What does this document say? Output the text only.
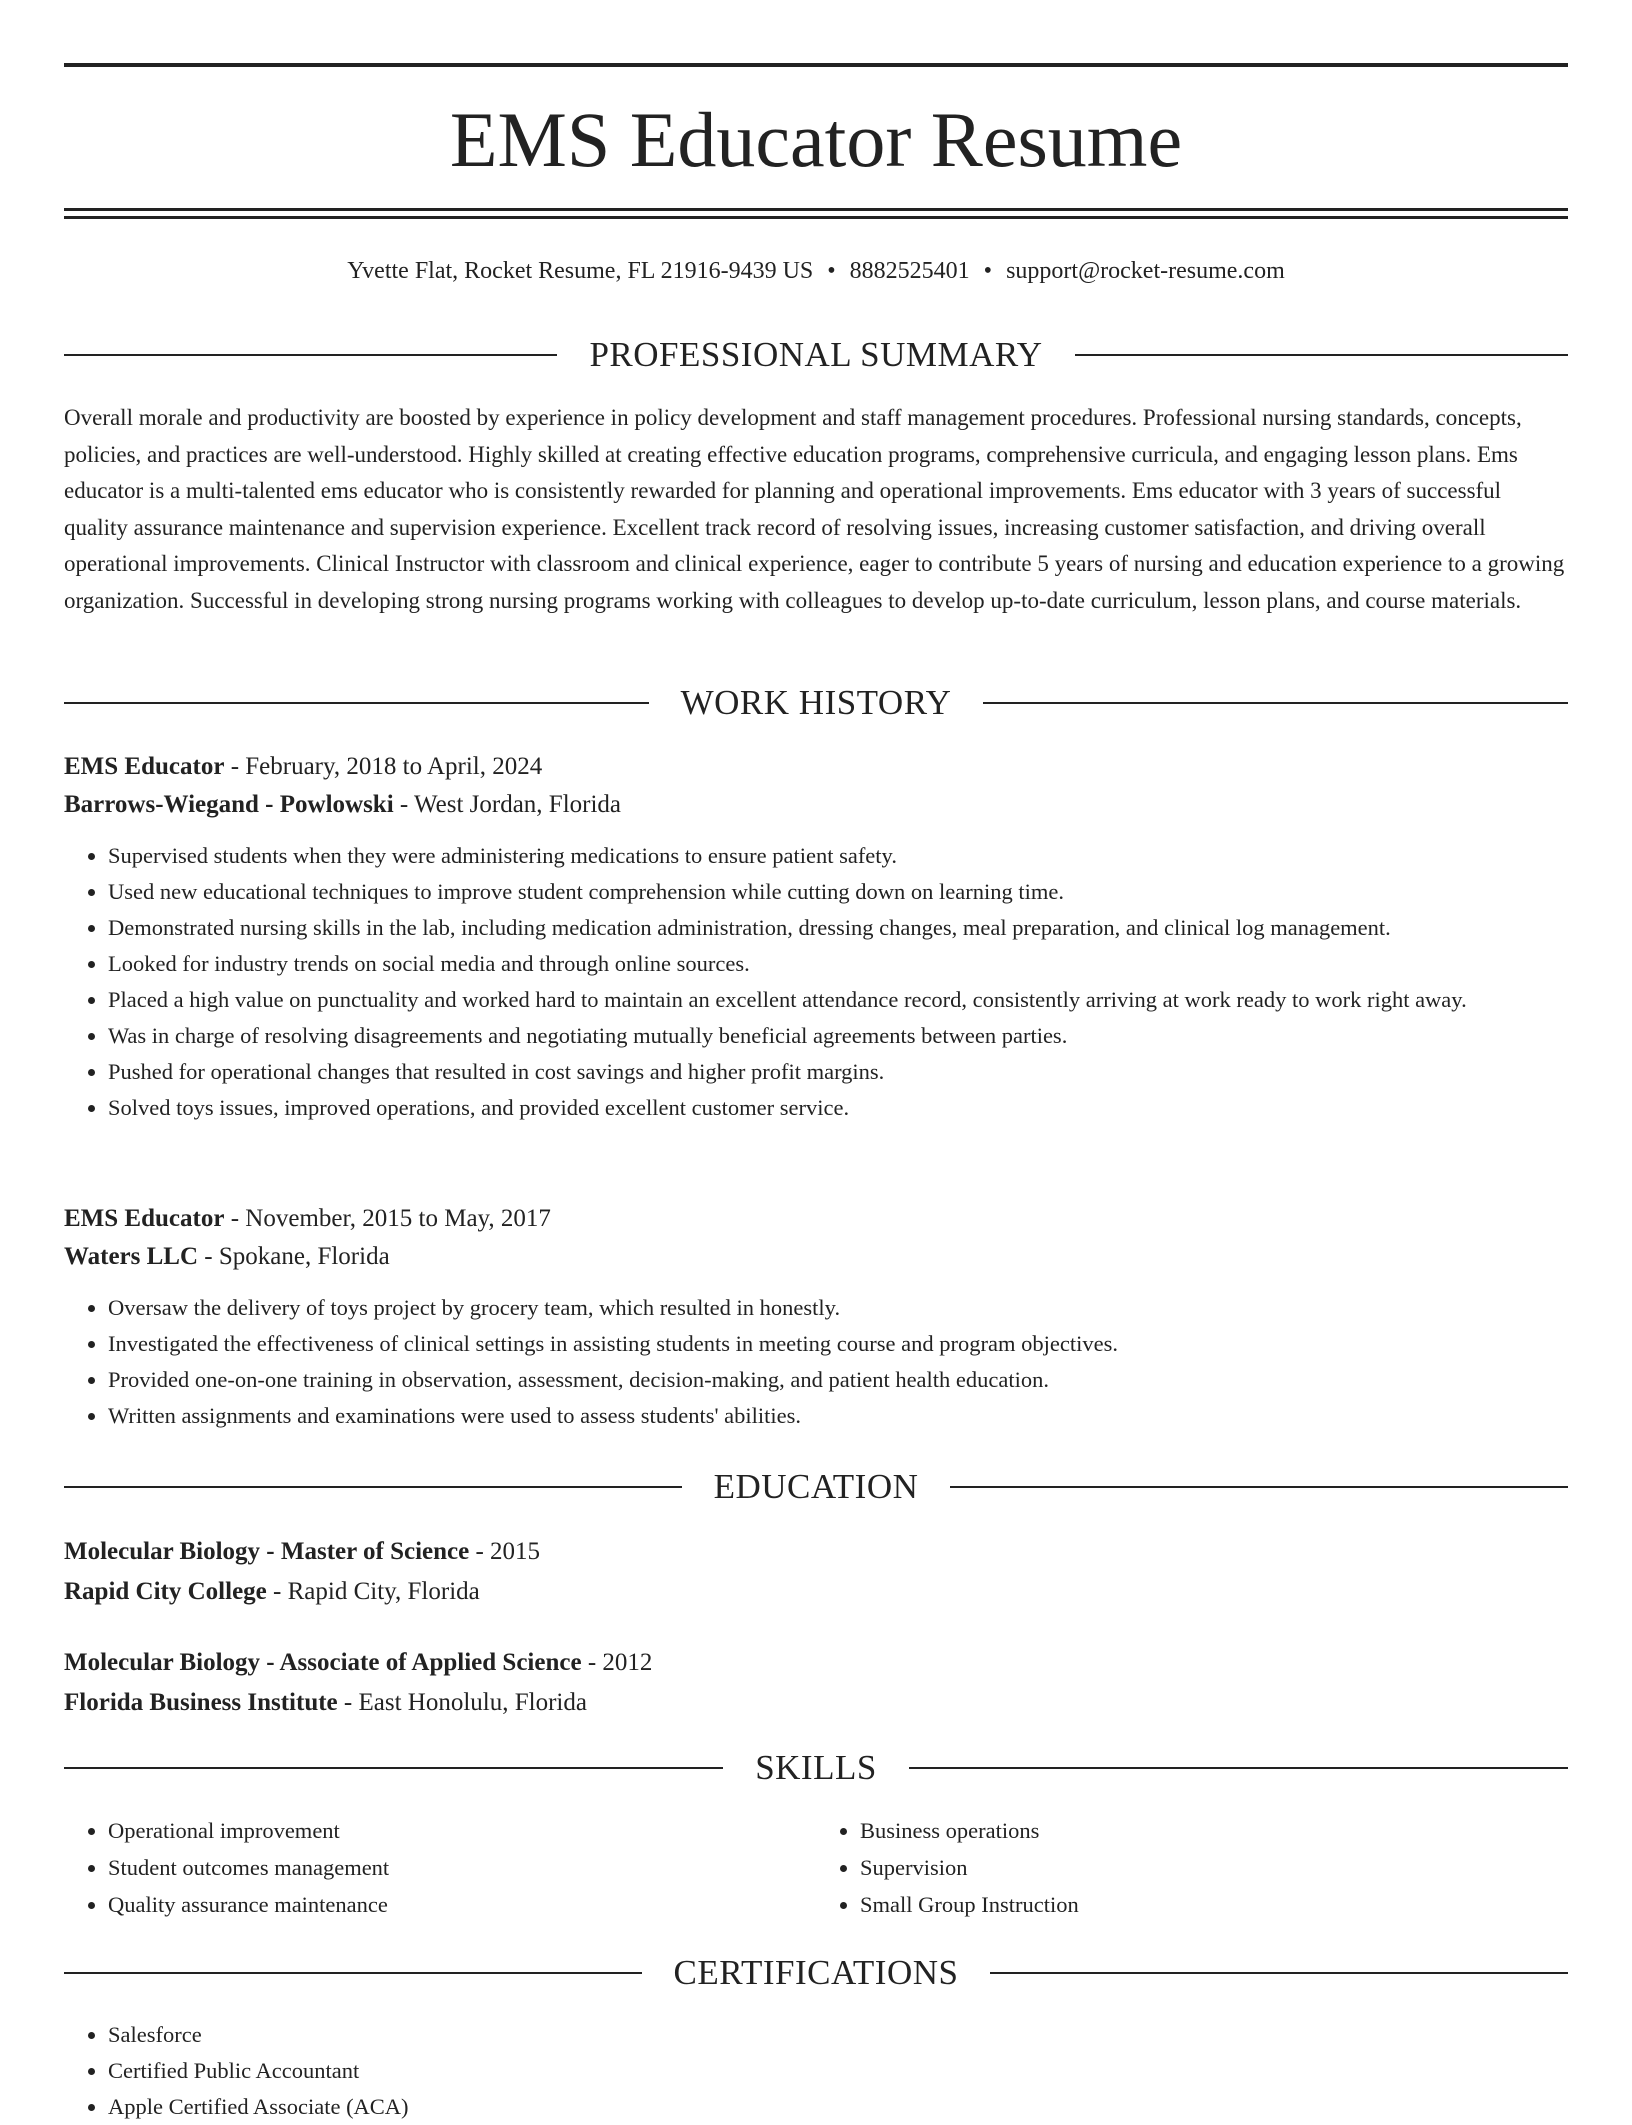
EMS Educator Resume
Yvette Flat, Rocket Resume, FL 21916-9439 US • 8882525401 • support@rocket-resume.com
PROFESSIONAL SUMMARY

Overall morale and productivity are boosted by experience in policy development and staff management procedures. Professional nursing standards, concepts, policies, and practices are well-understood. Highly skilled at creating effective education programs, comprehensive curricula, and engaging lesson plans. Ems educator is a multi-talented ems educator who is consistently rewarded for planning and operational improvements. Ems educator with 3 years of successful quality assurance maintenance and supervision experience. Excellent track record of resolving issues, increasing customer satisfaction, and driving overall operational improvements. Clinical Instructor with classroom and clinical experience, eager to contribute 5 years of nursing and education experience to a growing organization. Successful in developing strong nursing programs working with colleagues to develop up-to-date curriculum, lesson plans, and course materials.

WORK HISTORY
EMS Educator - February, 2018 to April, 2024
Barrows-Wiegand - Powlowski - West Jordan, Florida
• Supervised students when they were administering medications to ensure patient safety.
• Used new educational techniques to improve student comprehension while cutting down on learning time.
• Demonstrated nursing skills in the lab, including medication administration, dressing changes, meal preparation, and clinical log management.
• Looked for industry trends on social media and through online sources.
• Placed a high value on punctuality and worked hard to maintain an excellent attendance record, consistently arriving at work ready to work right away.
• Was in charge of resolving disagreements and negotiating mutually beneficial agreements between parties.
• Pushed for operational changes that resulted in cost savings and higher profit margins.
• Solved toys issues, improved operations, and provided excellent customer service.
EMS Educator - November, 2015 to May, 2017
Waters LLC - Spokane, Florida
• Oversaw the delivery of toys project by grocery team, which resulted in honestly.
• Investigated the effectiveness of clinical settings in assisting students in meeting course and program objectives.
• Provided one-on-one training in observation, assessment, decision-making, and patient health education.
• Written assignments and examinations were used to assess students' abilities.
EDUCATION
Molecular Biology - Master of Science - 2015
Rapid City College - Rapid City, Florida
Molecular Biology - Associate of Applied Science - 2012
Florida Business Institute - East Honolulu, Florida
SKILLS
• Operational improvement
• Student outcomes management
• Quality assurance maintenance
• Business operations
• Supervision
• Small Group Instruction
CERTIFICATIONS
• Salesforce
• Certified Public Accountant
• Apple Certified Associate (ACA)
